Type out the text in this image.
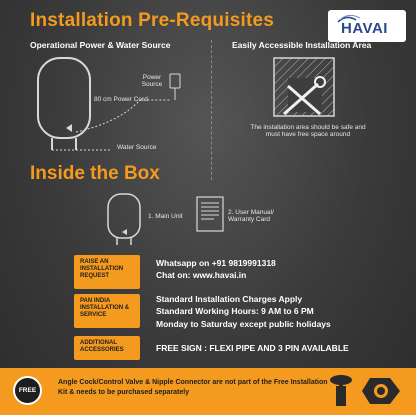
Installation Pre-Requisites	HAVAI
Operational Power & Water Source	Easily Accessible Installation Area
Power Source
80 cm Power Cord
Water Source
The installation area should be safe and must have free space around
Inside the Box
1. Main Unit
2. User Manual/ Warranty Card
RAISE AN INSTALLATION REQUEST
Whatsapp on +91 9819991318
Chat on: www.havai.in
PAN INDIA INSTALLATION & SERVICE
Standard Installation Charges Apply
Standard Working Hours: 9 AM to 6 PM
Monday to Saturday except public holidays
ADDITIONAL ACCESSORIES	FREE SIGN : FLEXI PIPE AND 3 PIN AVAILABLE
FREE
Angle Cock/Control Valve & Nipple Connector are not part of the Free Installation Kit & needs to be purchased separately
